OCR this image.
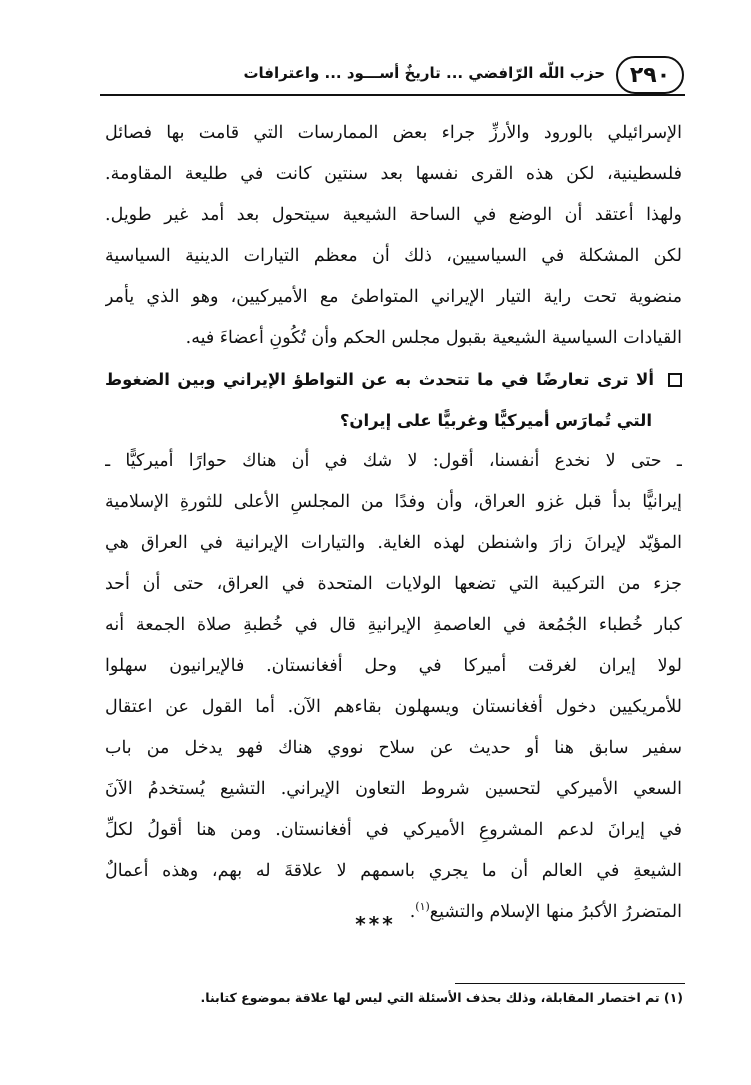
٢٩٠
حزب اللّه الرّافضي ... تاريخٌ أســـود ... واعترافات
الإسرائيلي بالورود والأرزِّ جراء بعض الممارسات التي قامت بها فصائل
فلسطينية، لكن هذه القرى نفسها بعد سنتين كانت في طليعة المقاومة.
ولهذا أعتقد أن الوضع في الساحة الشيعية سيتحول بعد أمد غير طويل.
لكن المشكلة في السياسيين، ذلك أن معظم التيارات الدينية السياسية
منضوية تحت راية التيار الإيراني المتواطئ مع الأميركيين، وهو الذي يأمر
القيادات السياسية الشيعية بقبول مجلس الحكم وأن تُكُونِ أعضاءَ فيه.
ألا ترى تعارضًا في ما تتحدث به عن التواطؤ الإيراني وبين الضغوط
التي تُمارَس أميركيًّا وغربيًّا على إيران؟
ـ حتى لا نخدع أنفسنا، أقول: لا شك في أن هناك حوارًا أميركيًّا ـ
إيرانيًّا بدأ قبل غزو العراق، وأن وفدًا من المجلسِ الأعلى للثورةِ الإسلامية
المؤيّد لإيرانَ زارَ واشنطن لهذه الغاية. والتيارات الإيرانية في العراق هي
جزء من التركيبة التي تضعها الولايات المتحدة في العراق، حتى أن أحد
كبار خُطباء الجُمُعة في العاصمةِ الإيرانيةِ قال في خُطبةِ صلاة الجمعة أنه
لولا إيران لغرقت أميركا في وحل أفغانستان. فالإيرانيون سهلوا
للأمريكيين دخول أفغانستان ويسهلون بقاءهم الآن. أما القول عن اعتقال
سفير سابق هنا أو حديث عن سلاح نووي هناك فهو يدخل من باب
السعي الأميركي لتحسين شروط التعاون الإيراني. التشيع يُستخدمُ الآنَ
في إيرانَ لدعم المشروعِ الأميركي في أفغانستان. ومن هنا أقولُ لكلِّ
الشيعةِ في العالم أن ما يجري باسمهم لا علاقةَ له بهم، وهذه أعمالٌ
المتضررُ الأكبرُ منها الإسلام والتشيع$^{(١)}$.
***
(١) تم اختصار المقابلة، وذلك بحذف الأسئلة التي ليس لها علاقة بموضوع كتابنا.
